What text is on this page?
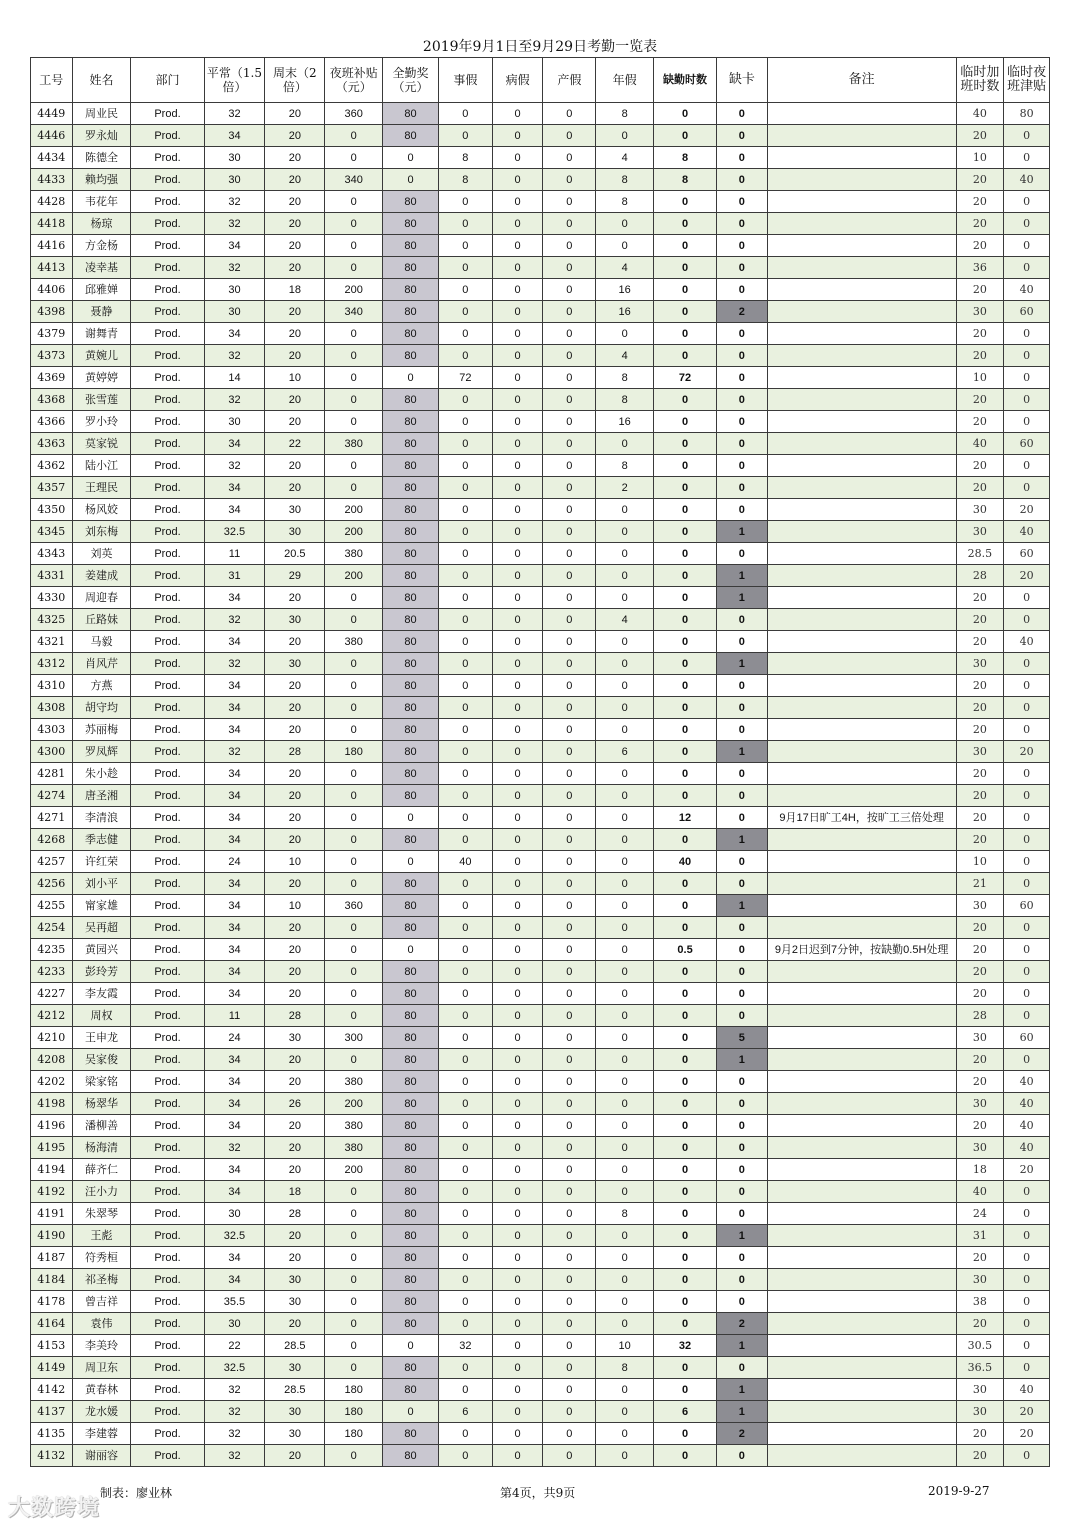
2019年9月1日至9月29日考勤一览表
工号	姓名	部门	平常（1.5倍）	周末（2倍）	夜班补贴（元）	全勤奖（元）	事假	病假	产假	年假	缺勤时数	缺卡	备注	临时加班时数	临时夜班津贴
4449	周业民	Prod.	32	20	360	80	0	0	0	8	0	0		40	80
4446	罗永灿	Prod.	34	20	0	80	0	0	0	0	0	0		20	0
4434	陈德全	Prod.	30	20	0	0	8	0	0	4	8	0		10	0
4433	赖均强	Prod.	30	20	340	0	8	0	0	8	8	0		20	40
4428	韦花年	Prod.	32	20	0	80	0	0	0	8	0	0		20	0
4418	杨琼	Prod.	32	20	0	80	0	0	0	0	0	0		20	0
4416	方金杨	Prod.	34	20	0	80	0	0	0	0	0	0		20	0
4413	凌幸基	Prod.	32	20	0	80	0	0	0	4	0	0		36	0
4406	邱雅婵	Prod.	30	18	200	80	0	0	0	16	0	0		20	40
4398	聂静	Prod.	30	20	340	80	0	0	0	16	0	2		30	60
4379	谢舞青	Prod.	34	20	0	80	0	0	0	0	0	0		20	0
4373	黄婉儿	Prod.	32	20	0	80	0	0	0	4	0	0		20	0
4369	黄婷婷	Prod.	14	10	0	0	72	0	0	8	72	0		10	0
4368	张雪莲	Prod.	32	20	0	80	0	0	0	8	0	0		20	0
4366	罗小玲	Prod.	30	20	0	80	0	0	0	16	0	0		20	0
4363	莫家锐	Prod.	34	22	380	80	0	0	0	0	0	0		40	60
4362	陆小江	Prod.	32	20	0	80	0	0	0	8	0	0		20	0
4357	王理民	Prod.	34	20	0	80	0	0	0	2	0	0		20	0
4350	杨风姣	Prod.	34	30	200	80	0	0	0	0	0	0		30	20
4345	刘东梅	Prod.	32.5	30	200	80	0	0	0	0	0	1		30	40
4343	刘英	Prod.	11	20.5	380	80	0	0	0	0	0	0		28.5	60
4331	姜建成	Prod.	31	29	200	80	0	0	0	0	0	1		28	20
4330	周迎春	Prod.	34	20	0	80	0	0	0	0	0	1		20	0
4325	丘路妹	Prod.	32	30	0	80	0	0	0	4	0	0		20	0
4321	马毅	Prod.	34	20	380	80	0	0	0	0	0	0		20	40
4312	肖风芹	Prod.	32	30	0	80	0	0	0	0	0	1		30	0
4310	方燕	Prod.	34	20	0	80	0	0	0	0	0	0		20	0
4308	胡守均	Prod.	34	20	0	80	0	0	0	0	0	0		20	0
4303	苏丽梅	Prod.	34	20	0	80	0	0	0	0	0	0		20	0
4300	罗凤辉	Prod.	32	28	180	80	0	0	0	6	0	1		30	20
4281	朱小趁	Prod.	34	20	0	80	0	0	0	0	0	0		20	0
4274	唐圣湘	Prod.	34	20	0	80	0	0	0	0	0	0		20	0
4271	李清浪	Prod.	34	20	0	0	0	0	0	0	12	0	9月17日旷工4H，按旷工三倍处理	20	0
4268	季志健	Prod.	34	20	0	80	0	0	0	0	0	1		20	0
4257	许红荣	Prod.	24	10	0	0	40	0	0	0	40	0		10	0
4256	刘小平	Prod.	34	20	0	80	0	0	0	0	0	0		21	0
4255	甯家雄	Prod.	34	10	360	80	0	0	0	0	0	1		30	60
4254	吴再超	Prod.	34	20	0	80	0	0	0	0	0	0		20	0
4235	黄园兴	Prod.	34	20	0	0	0	0	0	0	0.5	0	9月2日迟到7分钟，按缺勤0.5H处理	20	0
4233	彭玲芳	Prod.	34	20	0	80	0	0	0	0	0	0		20	0
4227	李友霞	Prod.	34	20	0	80	0	0	0	0	0	0		20	0
4212	周权	Prod.	11	28	0	80	0	0	0	0	0	0		28	0
4210	王申龙	Prod.	24	30	300	80	0	0	0	0	0	5		30	60
4208	吴家俊	Prod.	34	20	0	80	0	0	0	0	0	1		20	0
4202	梁家铭	Prod.	34	20	380	80	0	0	0	0	0	0		20	40
4198	杨翠华	Prod.	34	26	200	80	0	0	0	0	0	0		30	40
4196	潘柳善	Prod.	34	20	380	80	0	0	0	0	0	0		20	40
4195	杨海清	Prod.	32	20	380	80	0	0	0	0	0	0		30	40
4194	薛齐仁	Prod.	34	20	200	80	0	0	0	0	0	0		18	20
4192	汪小力	Prod.	34	18	0	80	0	0	0	0	0	0		40	0
4191	朱翠琴	Prod.	30	28	0	80	0	0	0	8	0	0		24	0
4190	王彪	Prod.	32.5	20	0	80	0	0	0	0	0	1		31	0
4187	符秀桓	Prod.	34	20	0	80	0	0	0	0	0	0		20	0
4184	祁圣梅	Prod.	34	30	0	80	0	0	0	0	0	0		30	0
4178	曾吉祥	Prod.	35.5	30	0	80	0	0	0	0	0	0		38	0
4164	袁伟	Prod.	30	20	0	80	0	0	0	0	0	2		20	0
4153	李美玲	Prod.	22	28.5	0	0	32	0	0	10	32	1		30.5	0
4149	周卫东	Prod.	32.5	30	0	80	0	0	0	8	0	0		36.5	0
4142	黄春林	Prod.	32	28.5	180	80	0	0	0	0	0	1		30	40
4137	龙水媛	Prod.	32	30	180	0	6	0	0	0	6	1		30	20
4135	李建蓉	Prod.	32	30	180	80	0	0	0	0	0	2		20	20
4132	谢丽容	Prod.	32	20	0	80	0	0	0	0	0	0		20	0
制表：廖业林	第4页，共9页	2019-9-27
大数跨境
